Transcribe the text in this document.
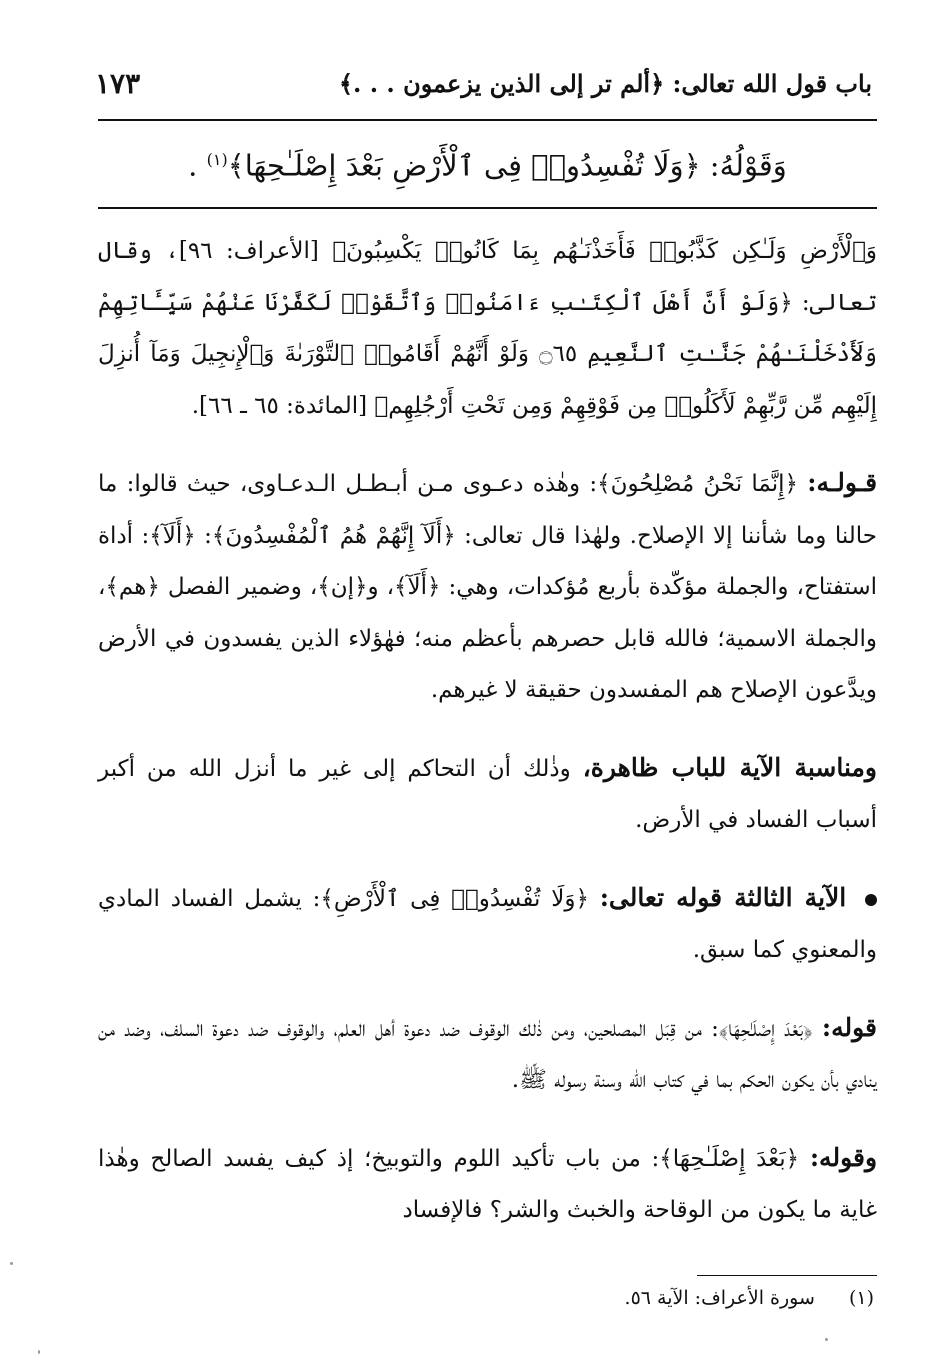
باب قول الله تعالى: ﴿ألم تر إلى الذين يزعمون . . .﴾
١٧٣
وَقَوْلُهُ: ﴿وَلَا تُفْسِدُوا۟ فِى ٱلْأَرْضِ بَعْدَ إِصْلَـٰحِهَا﴾$^{(١)}$ .

وَٱلْأَرْضِ وَلَـٰكِن كَذَّبُوا۟ فَأَخَذْنَـٰهُم بِمَا كَانُوا۟ يَكْسِبُونَ﴾ [الأعراف: ٩٦]، وقال تعالى: ﴿وَلَوْ أَنَّ أَهْلَ ٱلْكِتَـٰبِ ءَامَنُوا۟ وَٱتَّقَوْا۟ لَكَفَّرْنَا عَنْهُمْ سَيِّـَٔاتِهِمْ وَلَأَدْخَلْنَـٰهُمْ جَنَّـٰتِ ٱلنَّعِيمِ ۝٦٥ وَلَوْ أَنَّهُمْ أَقَامُوا۟ ٱلتَّوْرَىٰةَ وَٱلْإِنجِيلَ وَمَآ أُنزِلَ إِلَيْهِم مِّن رَّبِّهِمْ لَأَكَلُوا۟ مِن فَوْقِهِمْ وَمِن تَحْتِ أَرْجُلِهِم﴾ [المائدة: ٦٥ ـ ٦٦].

قـولـه: ﴿إِنَّمَا نَحْنُ مُصْلِحُونَ﴾: وهٰذه دعـوى مـن أبـطـل الـدعـاوى، حيث قالوا: ما حالنا وما شأننا إلا الإصلاح. ولهٰذا قال تعالى: ﴿أَلَآ إِنَّهُمْ هُمُ ٱلْمُفْسِدُونَ﴾: ﴿أَلَآ﴾: أداة استفتاح، والجملة مؤكّدة بأربع مُؤكدات، وهي: ﴿أَلَآ﴾، و﴿إن﴾، وضمير الفصل ﴿هم﴾، والجملة الاسمية؛ فالله قابل حصرهم بأعظم منه؛ فهٰؤلاء الذين يفسدون في الأرض ويدَّعون الإصلاح هم المفسدون حقيقة لا غيرهم.

ومناسبة الآية للباب ظاهرة، وذٰلك أن التحاكم إلى غير ما أنزل الله من أكبر أسباب الفساد في الأرض.

الآية الثالثة قوله تعالى: ﴿وَلَا تُفْسِدُوا۟ فِى ٱلْأَرْضِ﴾: يشمل الفساد المادي والمعنوي كما سبق.

قوله: ﴿بَعْدَ إِصْلَـٰحِهَا﴾: من قِبَل المصلحين، ومن ذٰلك الوقوف ضد دعوة أهل العلم، والوقوف ضد دعوة السلف، وضد من ينادي بأن يكون الحكم بما في كتاب الله وسنة رسوله ﷺ.

وقوله: ﴿بَعْدَ إِصْلَـٰحِهَا﴾: من باب تأكيد اللوم والتوبيخ؛ إذ كيف يفسد الصالح وهٰذا غاية ما يكون من الوقاحة والخبث والشر؟ فالإفساد

(١) سورة الأعراف: الآية ٥٦.
